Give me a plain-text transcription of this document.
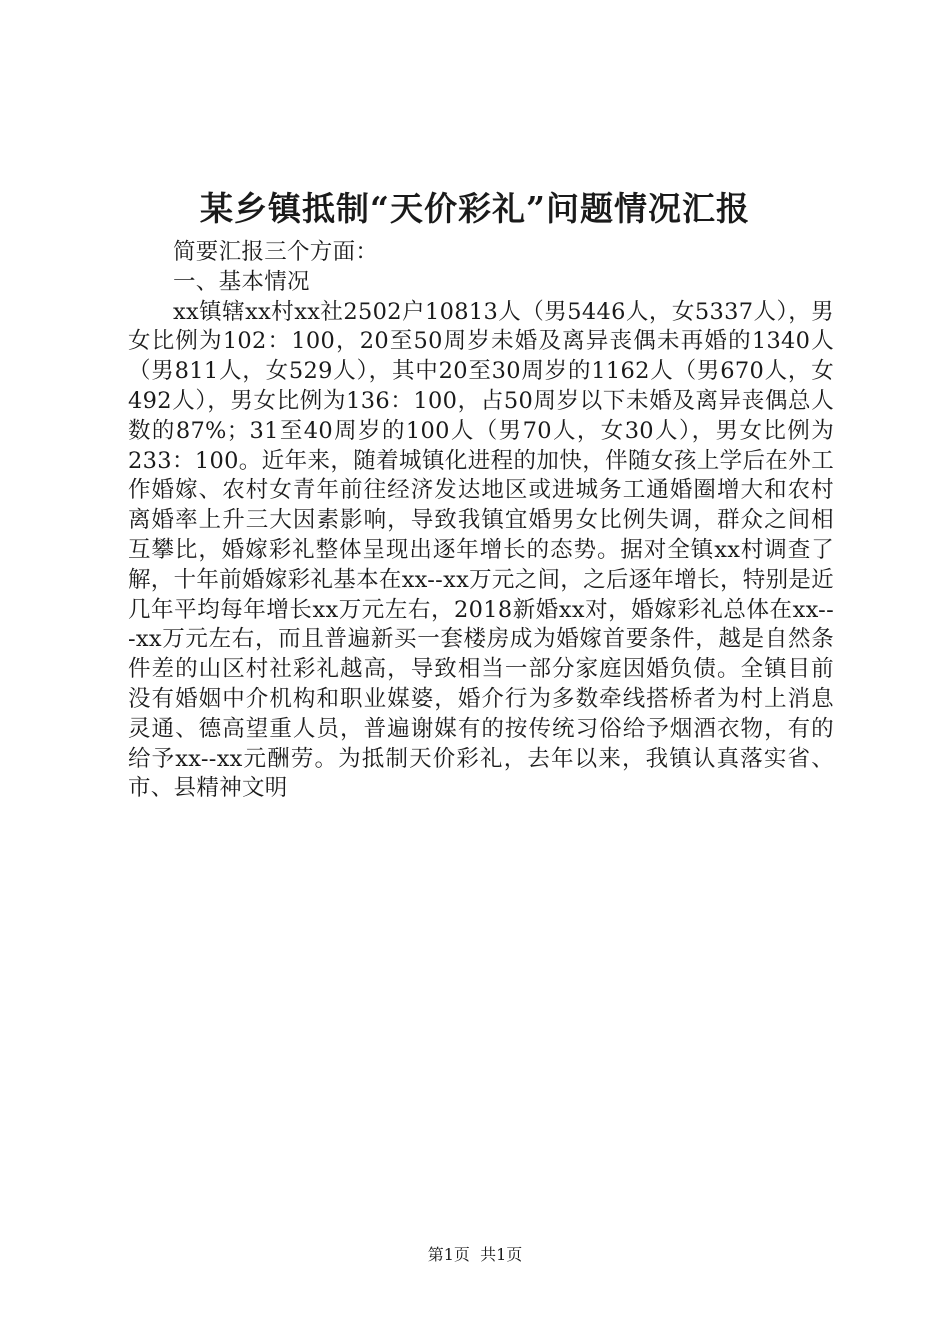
某乡镇抵制“天价彩礼”问题情况汇报

简要汇报三个方面：

一、基本情况

xx镇辖xx村xx社2502户10813人（男5446人，女5337人），男女比例为102：100，20至50周岁未婚及离异丧偶未再婚的1340人（男811人，女529人），其中20至30周岁的1162人（男670人，女492人），男女比例为136：100，占50周岁以下未婚及离异丧偶总人数的87%；31至40周岁的100人（男70人，女30人），男女比例为233：100。近年来，随着城镇化进程的加快，伴随女孩上学后在外工作婚嫁、农村女青年前往经济发达地区或进城务工通婚圈增大和农村离婚率上升三大因素影响，导致我镇宜婚男女比例失调，群众之间相互攀比，婚嫁彩礼整体呈现出逐年增长的态势。据对全镇xx村调查了解，十年前婚嫁彩礼基本在xx--xx万元之间，之后逐年增长，特别是近几年平均每年增长xx万元左右，2018新婚xx对，婚嫁彩礼总体在xx---xx万元左右，而且普遍新买一套楼房成为婚嫁首要条件，越是自然条件差的山区村社彩礼越高，导致相当一部分家庭因婚负债。全镇目前没有婚姻中介机构和职业媒婆，婚介行为多数牵线搭桥者为村上消息灵通、德高望重人员，普遍谢媒有的按传统习俗给予烟酒衣物，有的给予xx--xx元酬劳。为抵制天价彩礼，去年以来，我镇认真落实省、市、县精神文明

第1页 共1页
